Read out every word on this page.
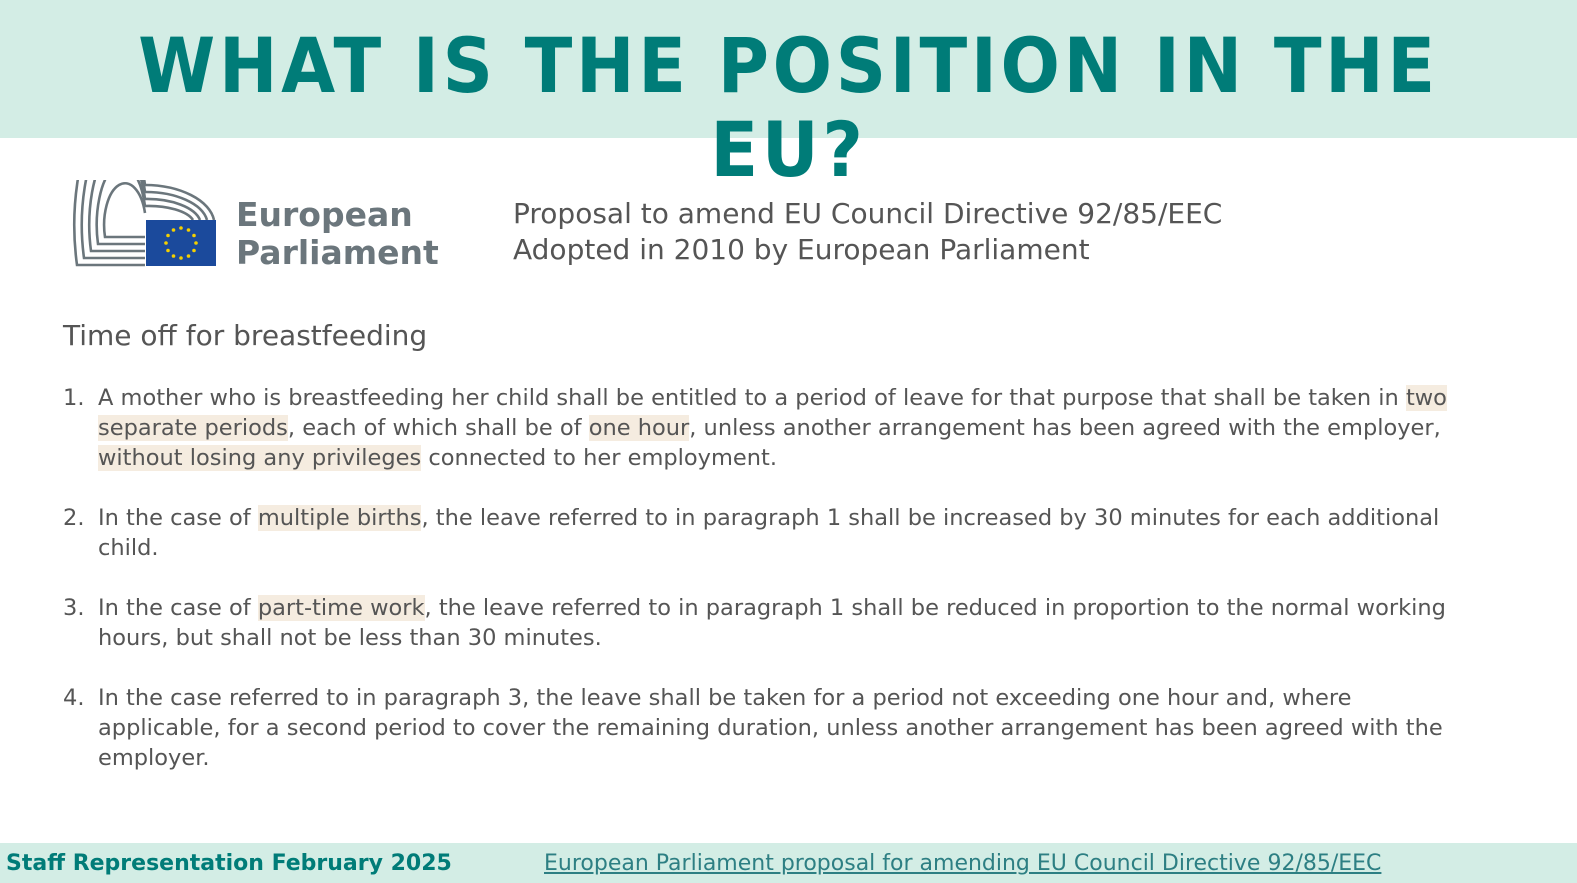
WHAT IS THE POSITION IN THE EU?
European
Parliament
Proposal to amend EU Council Directive 92/85/EEC
Adopted in 2010 by European Parliament
Time off for breastfeeding
1. A mother who is breastfeeding her child shall be entitled to a period of leave for that purpose that shall be taken in two separate periods, each of which shall be of one hour, unless another arrangement has been agreed with the employer, without losing any privileges connected to her employment.

2. In the case of multiple births, the leave referred to in paragraph 1 shall be increased by 30 minutes for each additional child.

3. In the case of part-time work, the leave referred to in paragraph 1 shall be reduced in proportion to the normal working hours, but shall not be less than 30 minutes.

4. In the case referred to in paragraph 3, the leave shall be taken for a period not exceeding one hour and, where applicable, for a second period to cover the remaining duration, unless another arrangement has been agreed with the employer.

Staff Representation February 2025	European Parliament proposal for amending EU Council Directive 92/85/EEC
